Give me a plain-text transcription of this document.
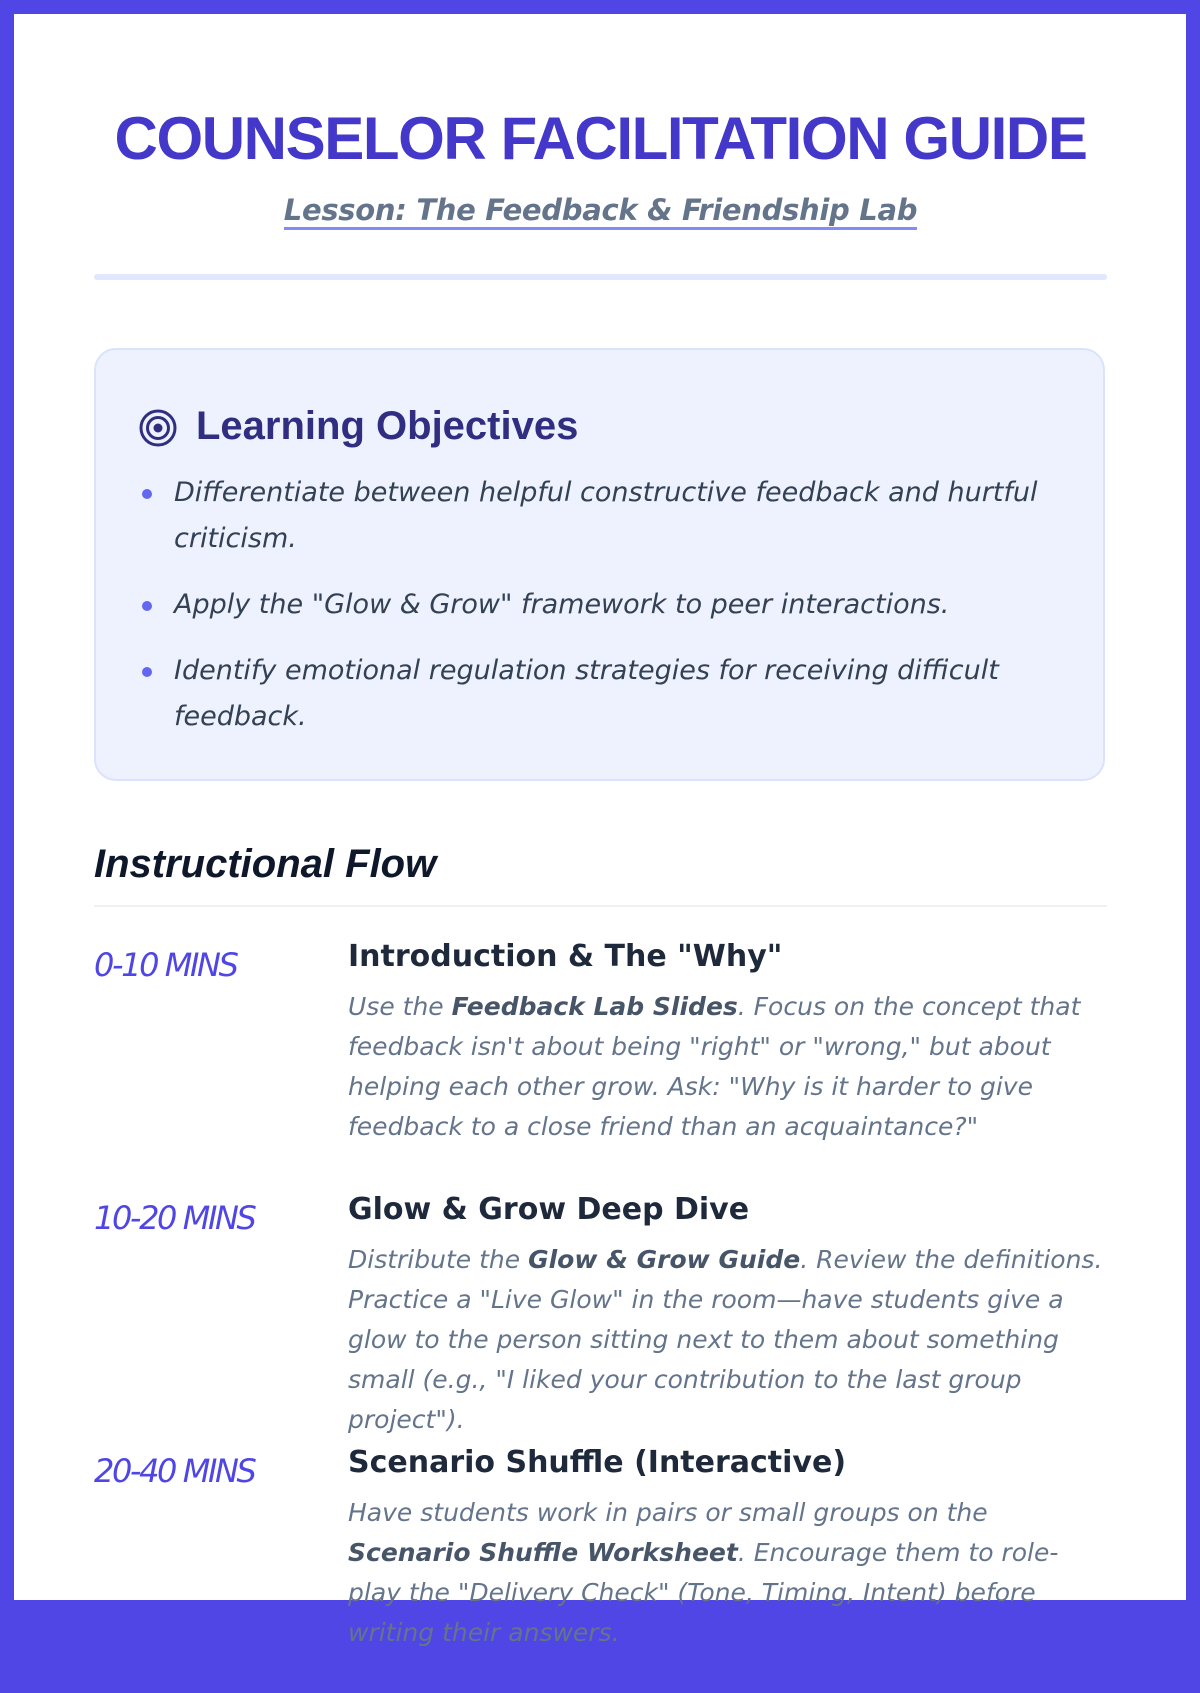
COUNSELOR FACILITATION GUIDE
Lesson: The Feedback & Friendship Lab
Learning Objectives
Differentiate between helpful constructive feedback and hurtful criticism.
Apply the "Glow & Grow" framework to peer interactions.
Identify emotional regulation strategies for receiving difficult feedback.
Instructional Flow
0-10 MINS	Introduction & The "Why"
Use the Feedback Lab Slides. Focus on the concept that feedback isn't about being "right" or "wrong," but about helping each other grow. Ask: "Why is it harder to give feedback to a close friend than an acquaintance?"
10-20 MINS	Glow & Grow Deep Dive
Distribute the Glow & Grow Guide. Review the definitions. Practice a "Live Glow" in the room—have students give a glow to the person sitting next to them about something small (e.g., "I liked your contribution to the last group project").
20-40 MINS	Scenario Shuffle (Interactive)
Have students work in pairs or small groups on the Scenario Shuffle Worksheet. Encourage them to role-play the "Delivery Check" (Tone, Timing, Intent) before writing their answers.
